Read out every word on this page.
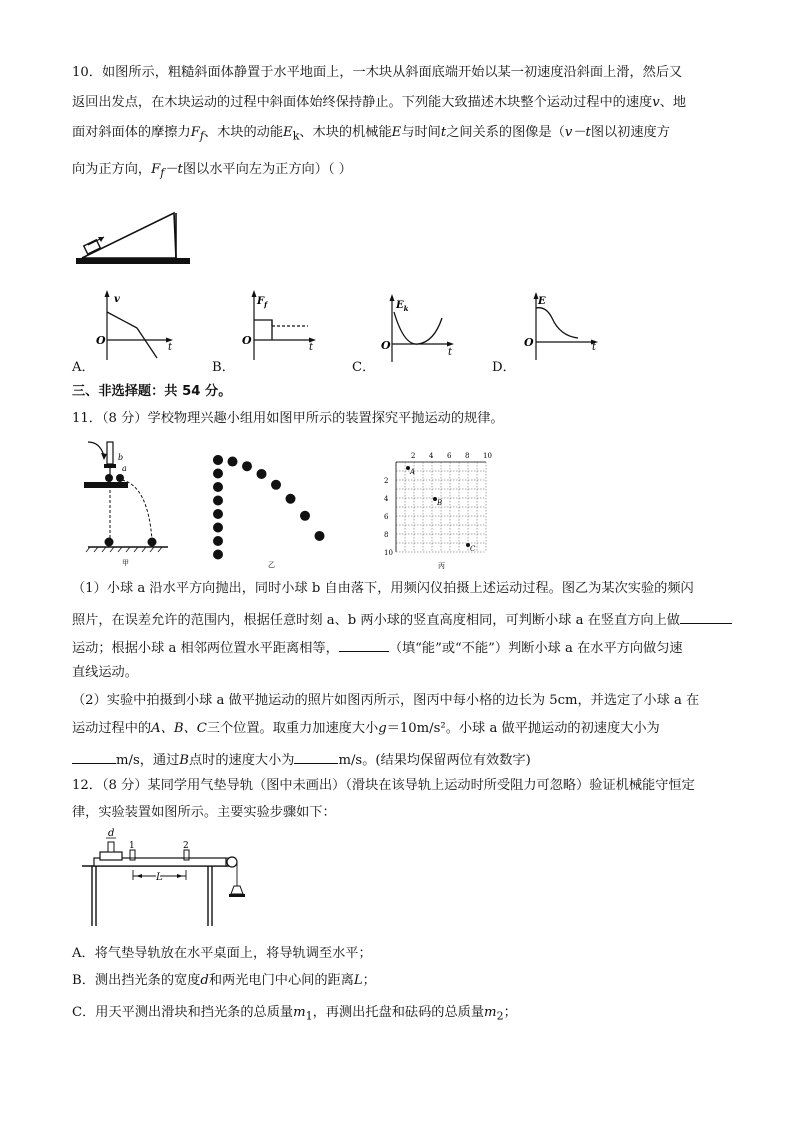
10．如图所示，粗糙斜面体静置于水平地面上，一木块从斜面底端开始以某一初速度沿斜面上滑，然后又
返回出发点，在木块运动的过程中斜面体始终保持静止。下列能大致描述木块整个运动过程中的速度v、地
面对斜面体的摩擦力$F_f$、木块的动能$E_k$、木块的机械能E与时间t之间关系的图像是（v－t图以初速度方
向为正方向，$F_f-t$图以水平向左为正方向）（ ）
v
O
t
A．
$F_f$
O
t
B．
$E_k$
O
t
C．
E
O	t
D．
三、非选择题：共 54 分。
11．（8 分）学校物理兴趣小组用如图甲所示的装置探究平抛运动的规律。
b
a
甲	乙
2 4 6 8 10
2
4
6
8
10
A
B
C
丙
（1）小球 a 沿水平方向抛出，同时小球 b 自由落下，用频闪仪拍摄上述运动过程。图乙为某次实验的频闪
照片，在误差允许的范围内，根据任意时刻 a、b 两小球的竖直高度相同，可判断小球 a 在竖直方向上做
运动；根据小球 a 相邻两位置水平距离相等，	（填“能”或“不能”）判断小球 a 在水平方向做匀速
直线运动。
（2）实验中拍摄到小球 a 做平抛运动的照片如图丙所示，图丙中每小格的边长为 5cm，并选定了小球 a 在
运动过程中的A、B、C三个位置。取重力加速度大小g＝10m/s²。小球 a 做平抛运动的初速度大小为
m/s，通过B点时的速度大小为	m/s。(结果均保留两位有效数字)
12．（8 分）某同学用气垫导轨（图中未画出）（滑块在该导轨上运动时所受阻力可忽略）验证机械能守恒定
律，实验装置如图所示。主要实验步骤如下：
d
1	2
L
A．将气垫导轨放在水平桌面上，将导轨调至水平；
B．测出挡光条的宽度d和两光电门中心间的距离L；
C．用天平测出滑块和挡光条的总质量$m_1$，再测出托盘和砝码的总质量$m_2$；
